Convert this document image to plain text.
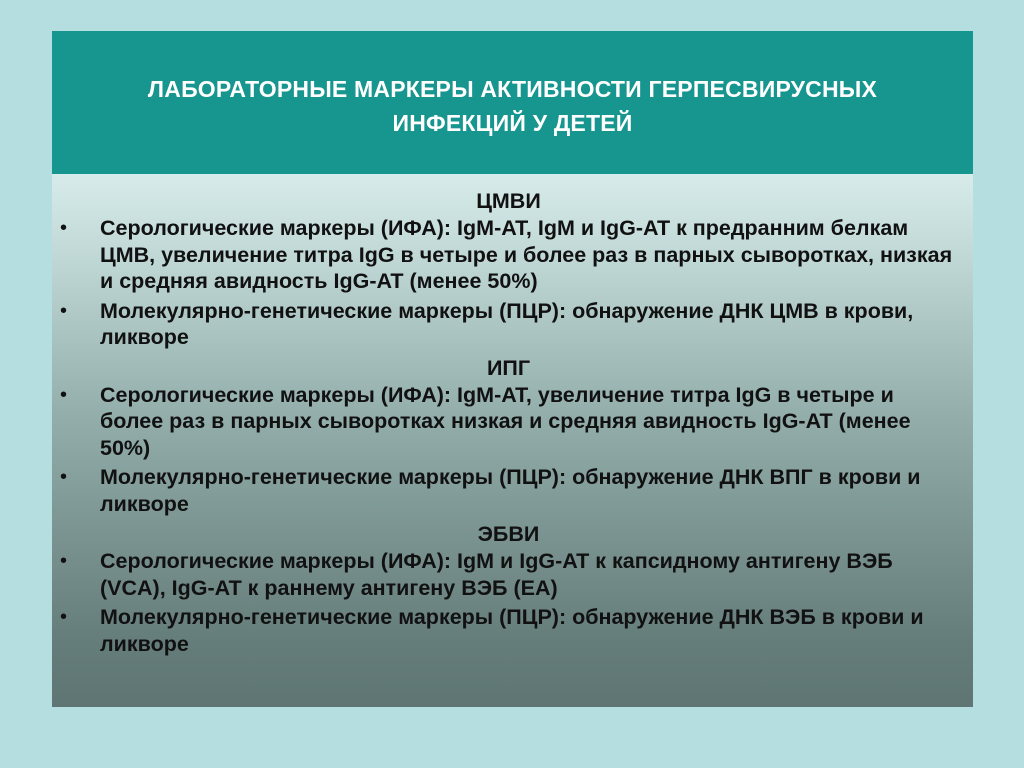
ЛАБОРАТОРНЫЕ МАРКЕРЫ АКТИВНОСТИ ГЕРПЕСВИРУСНЫХ
ИНФЕКЦИЙ У ДЕТЕЙ
ЦМВИ
• Серологические маркеры (ИФА): IgM-AT, IgM и IgG-AT к предранним белкам ЦМВ, увеличение титра IgG в четыре и более раз в парных сыворотках, низкая и средняя авидность IgG-AT (менее 50%)
• Молекулярно-генетические маркеры (ПЦР): обнаружение ДНК ЦМВ в крови, ликворе
ИПГ
• Серологические маркеры (ИФА): IgM-AT, увеличение титра IgG в четыре и более раз в парных сыворотках низкая и средняя авидность IgG-AT (менее 50%)
• Молекулярно-генетические маркеры (ПЦР): обнаружение ДНК ВПГ в крови и ликворе
ЭБВИ
• Серологические маркеры (ИФА): IgM и IgG-AT к капсидному антигену ВЭБ (VCA), IgG-AT к раннему антигену ВЭБ (EA)
• Молекулярно-генетические маркеры (ПЦР): обнаружение ДНК ВЭБ в крови и ликворе
